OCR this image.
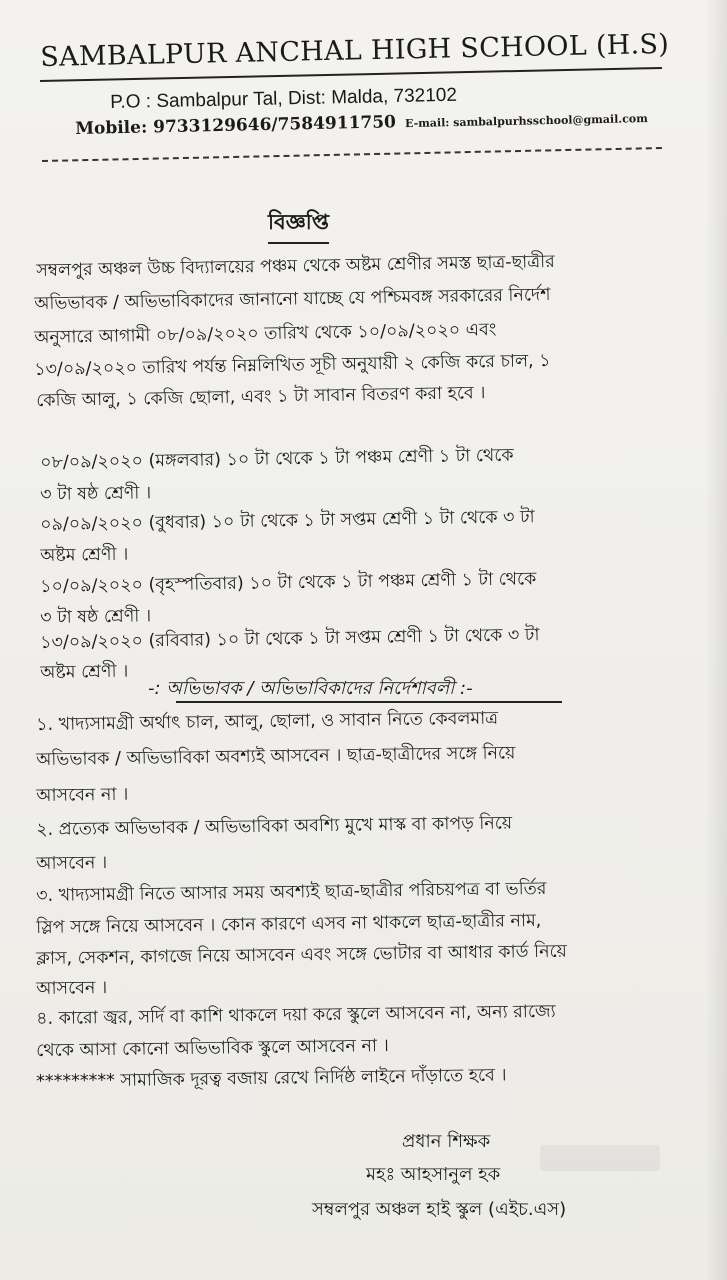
SAMBALPUR ANCHAL HIGH SCHOOL (H.S)
P.O : Sambalpur Tal, Dist: Malda, 732102
Mobile: 9733129646/7584911750 E-mail: sambalpurhsschool@gmail.com
বিজ্ঞপ্তি
সম্বলপুর অঞ্চল উচ্চ বিদ্যালয়ের পঞ্চম থেকে অষ্টম শ্রেণীর সমস্ত ছাত্র-ছাত্রীর
অভিভাবক / অভিভাবিকাদের জানানো যাচ্ছে যে পশ্চিমবঙ্গ সরকারের নির্দেশ
অনুসারে আগামী ০৮/০৯/২০২০ তারিখ থেকে ১০/০৯/২০২০ এবং
১৩/০৯/২০২০ তারিখ পর্যন্ত নিম্নলিখিত সূচী অনুযায়ী ২ কেজি করে চাল, ১
কেজি আলু, ১ কেজি ছোলা, এবং ১ টা সাবান বিতরণ করা হবে ।
০৮/০৯/২০২০ (মঙ্গলবার) ১০ টা থেকে ১ টা পঞ্চম শ্রেণী ১ টা থেকে
৩ টা ষষ্ঠ শ্রেণী ।
০৯/০৯/২০২০ (বুধবার) ১০ টা থেকে ১ টা সপ্তম শ্রেণী ১ টা থেকে ৩ টা
অষ্টম শ্রেণী ।
১০/০৯/২০২০ (বৃহস্পতিবার) ১০ টা থেকে ১ টা পঞ্চম শ্রেণী ১ টা থেকে
৩ টা ষষ্ঠ শ্রেণী ।
১৩/০৯/২০২০ (রবিবার) ১০ টা থেকে ১ টা সপ্তম শ্রেণী ১ টা থেকে ৩ টা
অষ্টম শ্রেণী ।
-: অভিভাবক / অভিভাবিকাদের নির্দেশাবলী :-
১. খাদ্যসামগ্রী অর্থাৎ চাল, আলু, ছোলা, ও সাবান নিতে কেবলমাত্র
অভিভাবক / অভিভাবিকা অবশ্যই আসবেন । ছাত্র-ছাত্রীদের সঙ্গে নিয়ে
আসবেন না ।
২. প্রত্যেক অভিভাবক / অভিভাবিকা অবশ্যি মুখে মাস্ক বা কাপড় নিয়ে
আসবেন ।
৩. খাদ্যসামগ্রী নিতে আসার সময় অবশ্যই ছাত্র-ছাত্রীর পরিচয়পত্র বা ভর্তির
স্লিপ সঙ্গে নিয়ে আসবেন । কোন কারণে এসব না থাকলে ছাত্র-ছাত্রীর নাম,
ক্লাস, সেকশন, কাগজে নিয়ে আসবেন এবং সঙ্গে ভোটার বা আধার কার্ড নিয়ে
আসবেন ।
৪. কারো জ্বর, সর্দি বা কাশি থাকলে দয়া করে স্কুলে আসবেন না, অন্য রাজ্যে
থেকে আসা কোনো অভিভাবিক স্কুলে আসবেন না ।
********* সামাজিক দূরত্ব বজায় রেখে নির্দিষ্ঠ লাইনে দাঁড়াতে হবে ।
প্রধান শিক্ষক
মহঃ আহসানুল হক
সম্বলপুর অঞ্চল হাই স্কুল (এইচ.এস)
